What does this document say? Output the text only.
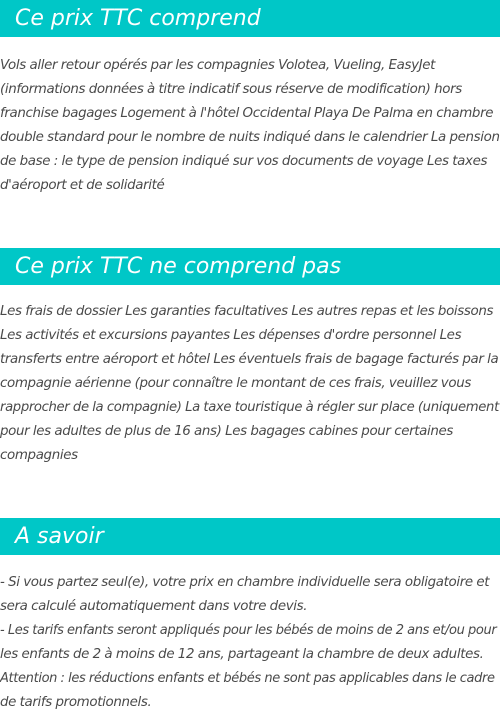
Ce prix TTC comprend
Vols aller retour opérés par les compagnies Volotea, Vueling, EasyJet
(informations données à titre indicatif sous réserve de modification) hors
franchise bagages Logement à l'hôtel Occidental Playa De Palma en chambre
double standard pour le nombre de nuits indiqué dans le calendrier La pension
de base : le type de pension indiqué sur vos documents de voyage Les taxes
d'aéroport et de solidarité
Ce prix TTC ne comprend pas
Les frais de dossier Les garanties facultatives Les autres repas et les boissons
Les activités et excursions payantes Les dépenses d'ordre personnel Les
transferts entre aéroport et hôtel Les éventuels frais de bagage facturés par la
compagnie aérienne (pour connaître le montant de ces frais, veuillez vous
rapprocher de la compagnie) La taxe touristique à régler sur place (uniquement
pour les adultes de plus de 16 ans) Les bagages cabines pour certaines
compagnies
A savoir
- Si vous partez seul(e), votre prix en chambre individuelle sera obligatoire et
sera calculé automatiquement dans votre devis.
- Les tarifs enfants seront appliqués pour les bébés de moins de 2 ans et/ou pour
les enfants de 2 à moins de 12 ans, partageant la chambre de deux adultes.
Attention : les réductions enfants et bébés ne sont pas applicables dans le cadre
de tarifs promotionnels.
